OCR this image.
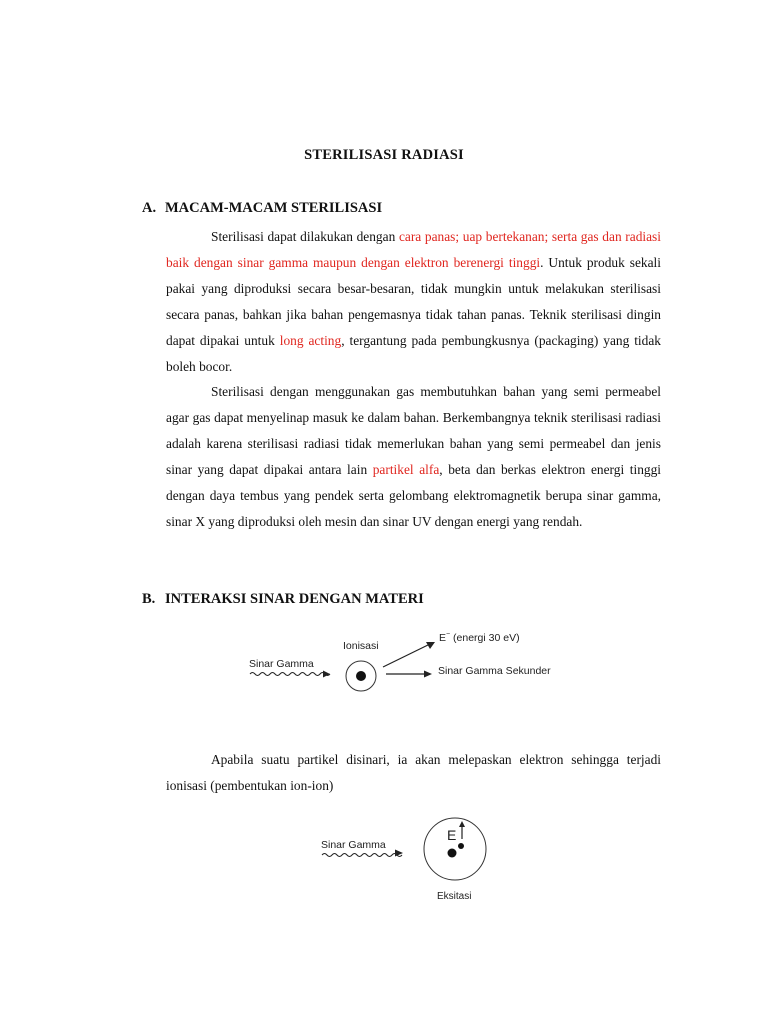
STERILISASI RADIASI
A. MACAM-MACAM STERILISASI

Sterilisasi dapat dilakukan dengan cara panas; uap bertekanan; serta gas dan radiasi baik dengan sinar gamma maupun dengan elektron berenergi tinggi. Untuk produk sekali pakai yang diproduksi secara besar-besaran, tidak mungkin untuk melakukan sterilisasi secara panas, bahkan jika bahan pengemasnya tidak tahan panas. Teknik sterilisasi dingin dapat dipakai untuk long acting, tergantung pada pembungkusnya (packaging) yang tidak boleh bocor.

Sterilisasi dengan menggunakan gas membutuhkan bahan yang semi permeabel agar gas dapat menyelinap masuk ke dalam bahan. Berkembangnya teknik sterilisasi radiasi adalah karena sterilisasi radiasi tidak memerlukan bahan yang semi permeabel dan jenis sinar yang dapat dipakai antara lain partikel alfa, beta dan berkas elektron energi tinggi dengan daya tembus yang pendek serta gelombang elektromagnetik berupa sinar gamma, sinar X yang diproduksi oleh mesin dan sinar UV dengan energi yang rendah.

B. INTERAKSI SINAR DENGAN MATERI
Sinar Gamma
Ionisasi
E− (energi 30 eV)
Sinar Gamma Sekunder

Apabila suatu partikel disinari, ia akan melepaskan elektron sehingga terjadi ionisasi (pembentukan ion-ion)

Sinar Gamma
E
Eksitasi
